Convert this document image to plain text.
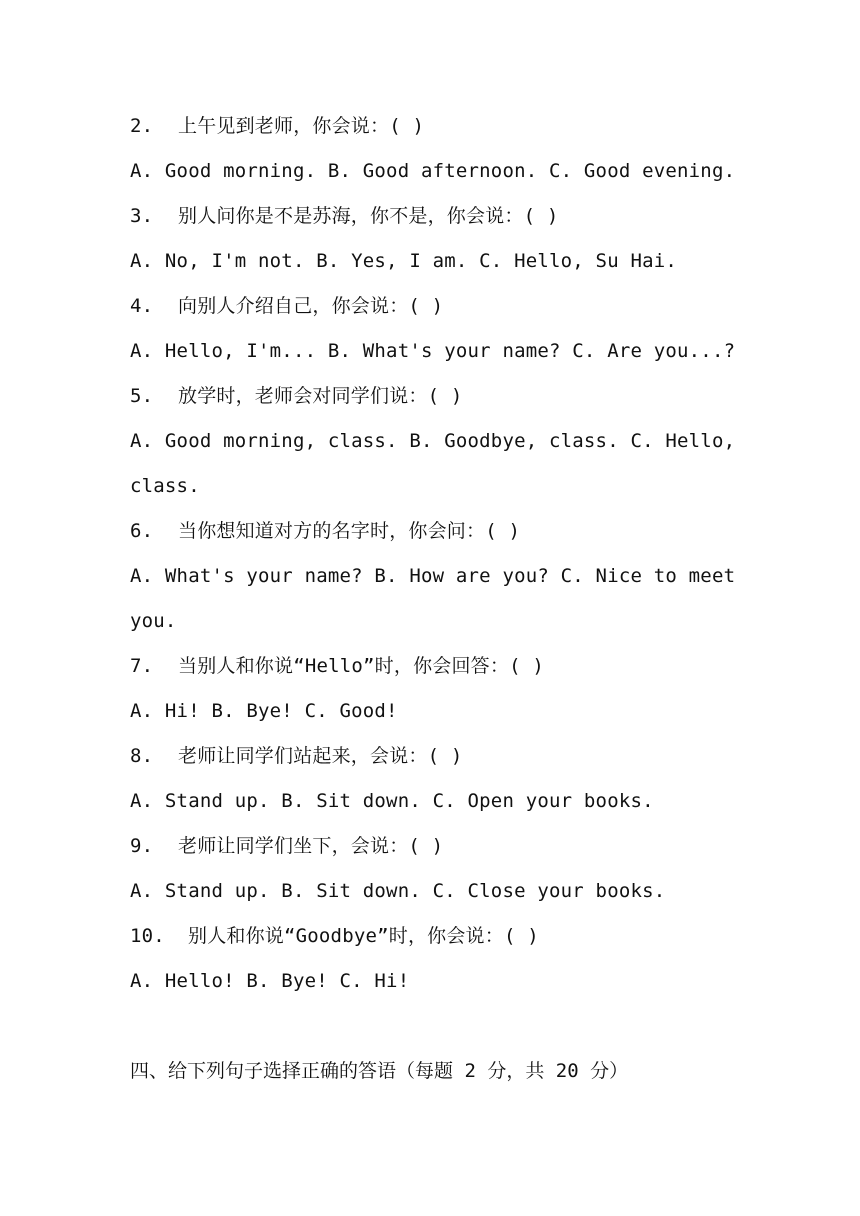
2. 上午见到老师，你会说：( )
A. Good morning. B. Good afternoon. C. Good evening.
3. 别人问你是不是苏海，你不是，你会说：( )
A. No, I'm not. B. Yes, I am. C. Hello, Su Hai.
4. 向别人介绍自己，你会说：( )
A. Hello, I'm... B. What's your name? C. Are you...?
5. 放学时，老师会对同学们说：( )
A. Good morning, class. B. Goodbye, class. C. Hello,
class.
6. 当你想知道对方的名字时，你会问：( )
A. What's your name? B. How are you? C. Nice to meet
you.
7. 当别人和你说“Hello”时，你会回答：( )
A. Hi! B. Bye! C. Good!
8. 老师让同学们站起来，会说：( )
A. Stand up. B. Sit down. C. Open your books.
9. 老师让同学们坐下，会说：( )
A. Stand up. B. Sit down. C. Close your books.
10. 别人和你说“Goodbye”时，你会说：( )
A. Hello! B. Bye! C. Hi!
四、给下列句子选择正确的答语（每题 2 分，共 20 分）
